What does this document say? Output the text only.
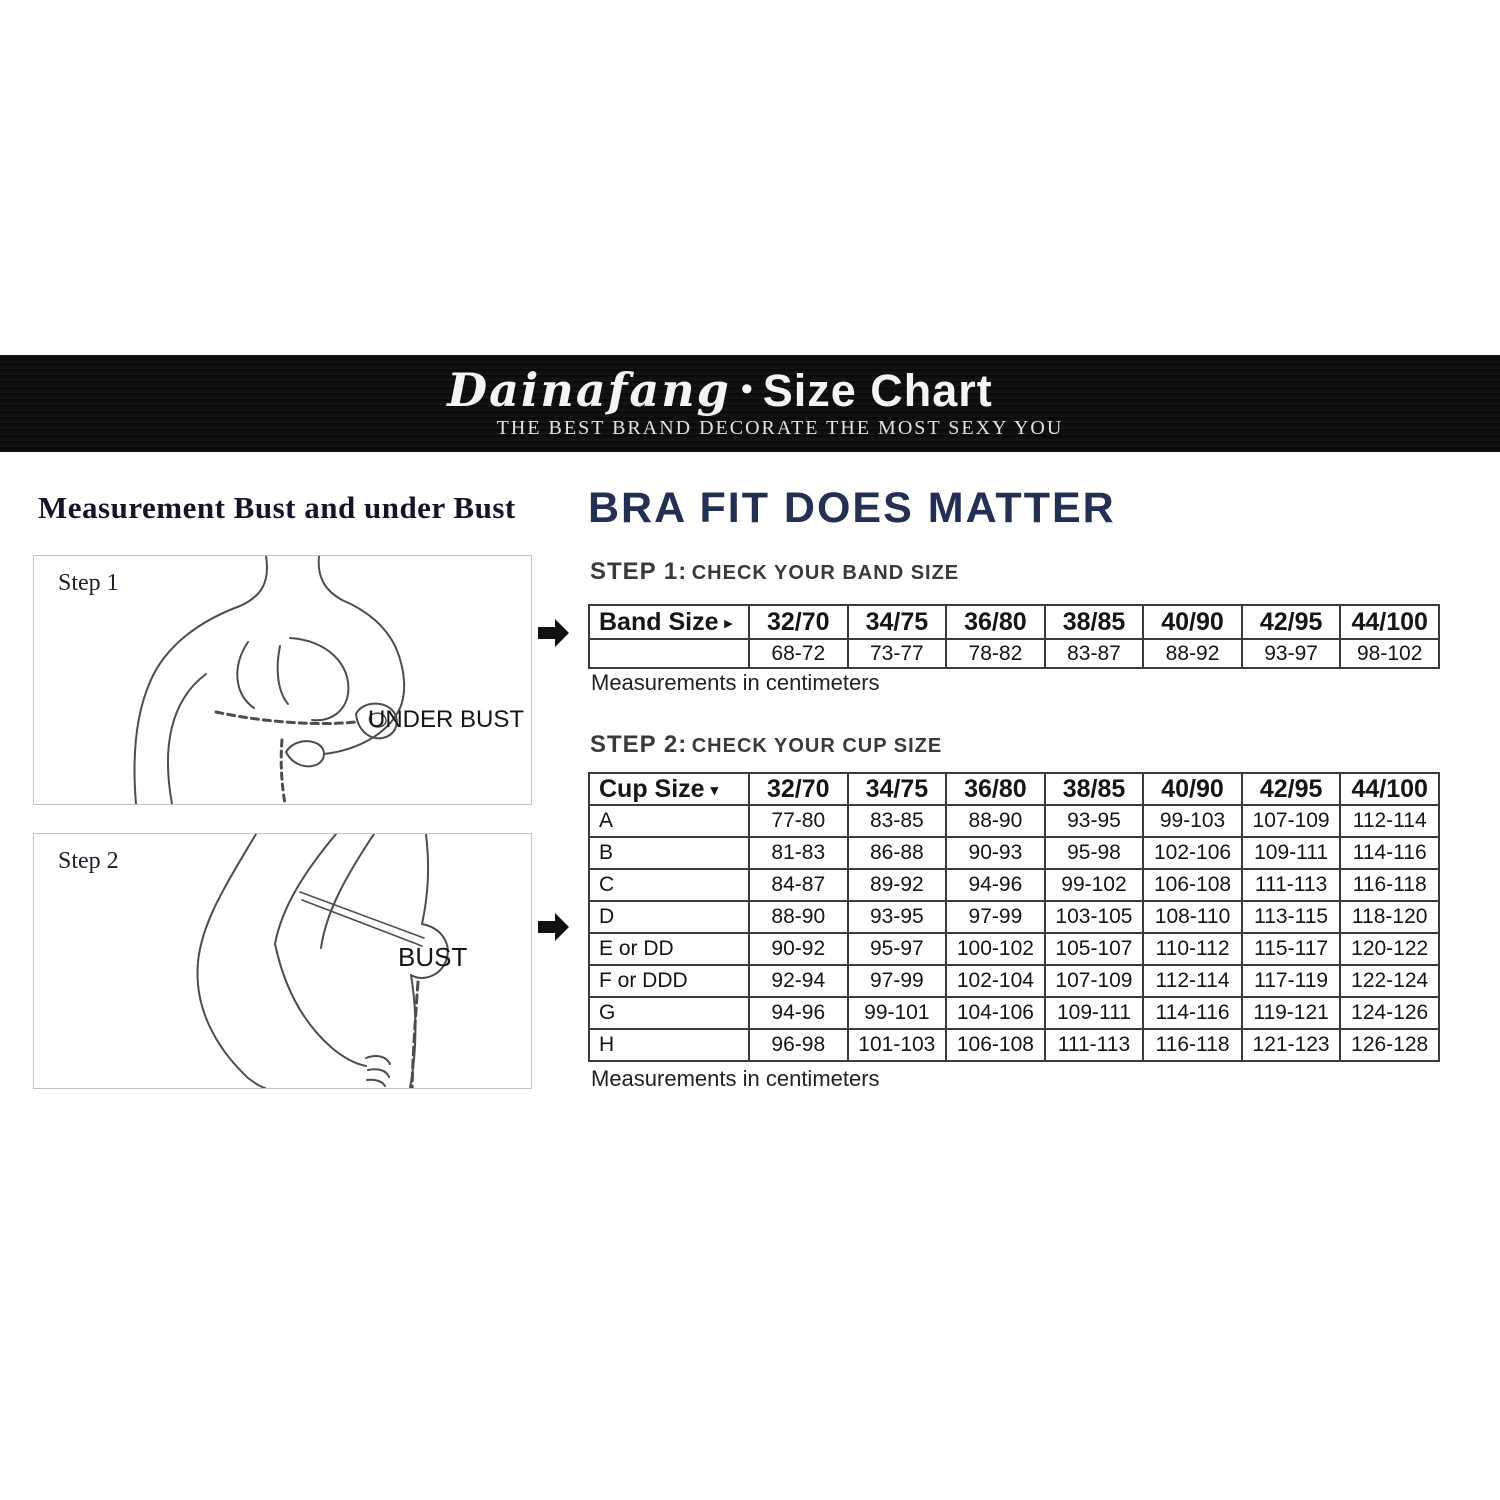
Dainafang • Size Chart
THE BEST BRAND DECORATE THE MOST SEXY YOU
Measurement Bust and under Bust
Step 1
UNDER BUST
Step 2
BUST
BRA FIT DOES MATTER
STEP 1: CHECK YOUR BAND SIZE
Band Size ▸	32/70	34/75	36/80	38/85	40/90	42/95	44/100
	68-72	73-77	78-82	83-87	88-92	93-97	98-102
Measurements in centimeters
STEP 2: CHECK YOUR CUP SIZE
Cup Size ▾	32/70	34/75	36/80	38/85	40/90	42/95	44/100
A	77-80	83-85	88-90	93-95	99-103	107-109	112-114
B	81-83	86-88	90-93	95-98	102-106	109-111	114-116
C	84-87	89-92	94-96	99-102	106-108	111-113	116-118
D	88-90	93-95	97-99	103-105	108-110	113-115	118-120
E or DD	90-92	95-97	100-102	105-107	110-112	115-117	120-122
F or DDD	92-94	97-99	102-104	107-109	112-114	117-119	122-124
G	94-96	99-101	104-106	109-111	114-116	119-121	124-126
H	96-98	101-103	106-108	111-113	116-118	121-123	126-128
Measurements in centimeters
